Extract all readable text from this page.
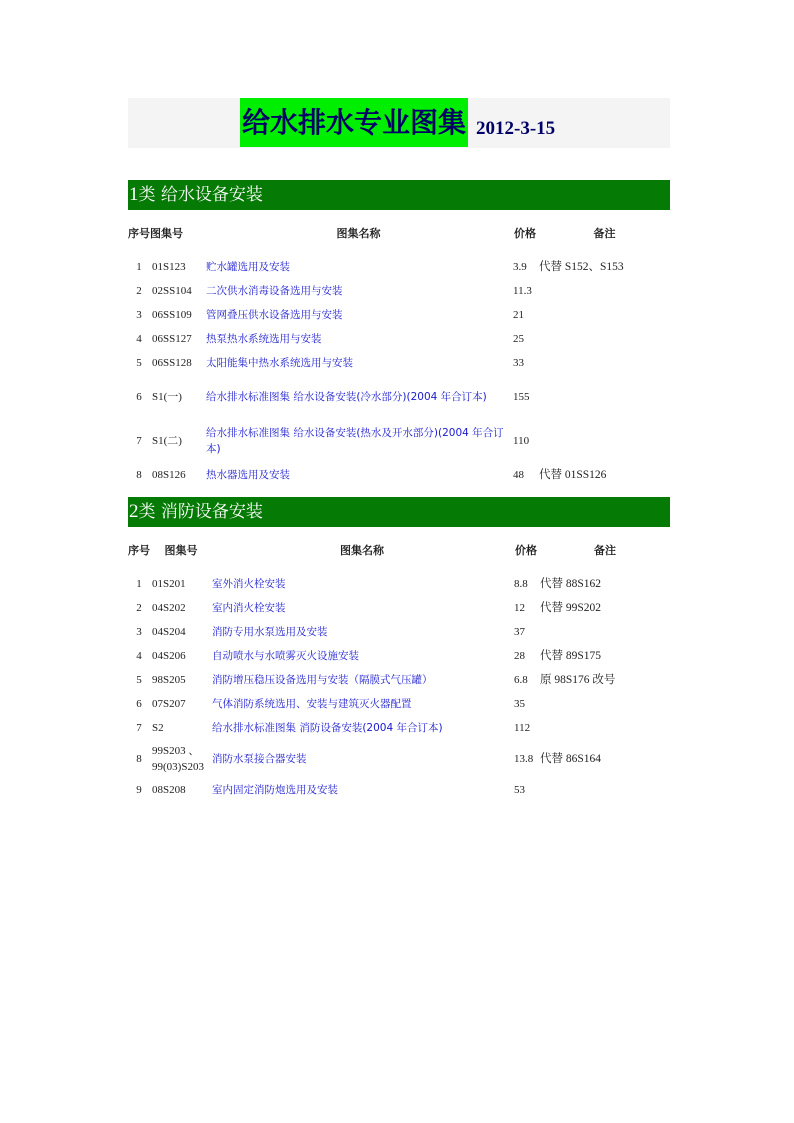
给水排水专业图集 2012-3-15
1类 给水设备安装
序号	图集号	图集名称	价格	备注
1	01S123	贮水罐选用及安装	3.9	代替 S152、S153
2	02SS104	二次供水消毒设备选用与安装	11.3	
3	06SS109	管网叠压供水设备选用与安装	21	
4	06SS127	热泵热水系统选用与安装	25	
5	06SS128	太阳能集中热水系统选用与安装	33	
6	S1(一)	给水排水标准图集 给水设备安装(冷水部分)(2004 年合订本)	155	
7	S1(二)	给水排水标准图集 给水设备安装(热水及开水部分)(2004 年合订本)	110	
8	08S126	热水器选用及安装	48	代替 01SS126
2类 消防设备安装
序号	图集号	图集名称	价格	备注
1	01S201	室外消火栓安装	8.8	代替 88S162
2	04S202	室内消火栓安装	12	代替 99S202
3	04S204	消防专用水泵选用及安装	37	
4	04S206	自动喷水与水喷雾灭火设施安装	28	代替 89S175
5	98S205	消防增压稳压设备选用与安装（隔膜式气压罐）	6.8	原 98S176 改号
6	07S207	气体消防系统选用、安装与建筑灭火器配置	35	
7	S2	给水排水标准图集 消防设备安装(2004 年合订本)	112	
8	99S203 、99(03)S203	消防水泵接合器安装	13.8	代替 86S164
9	08S208	室内固定消防炮选用及安装	53	
